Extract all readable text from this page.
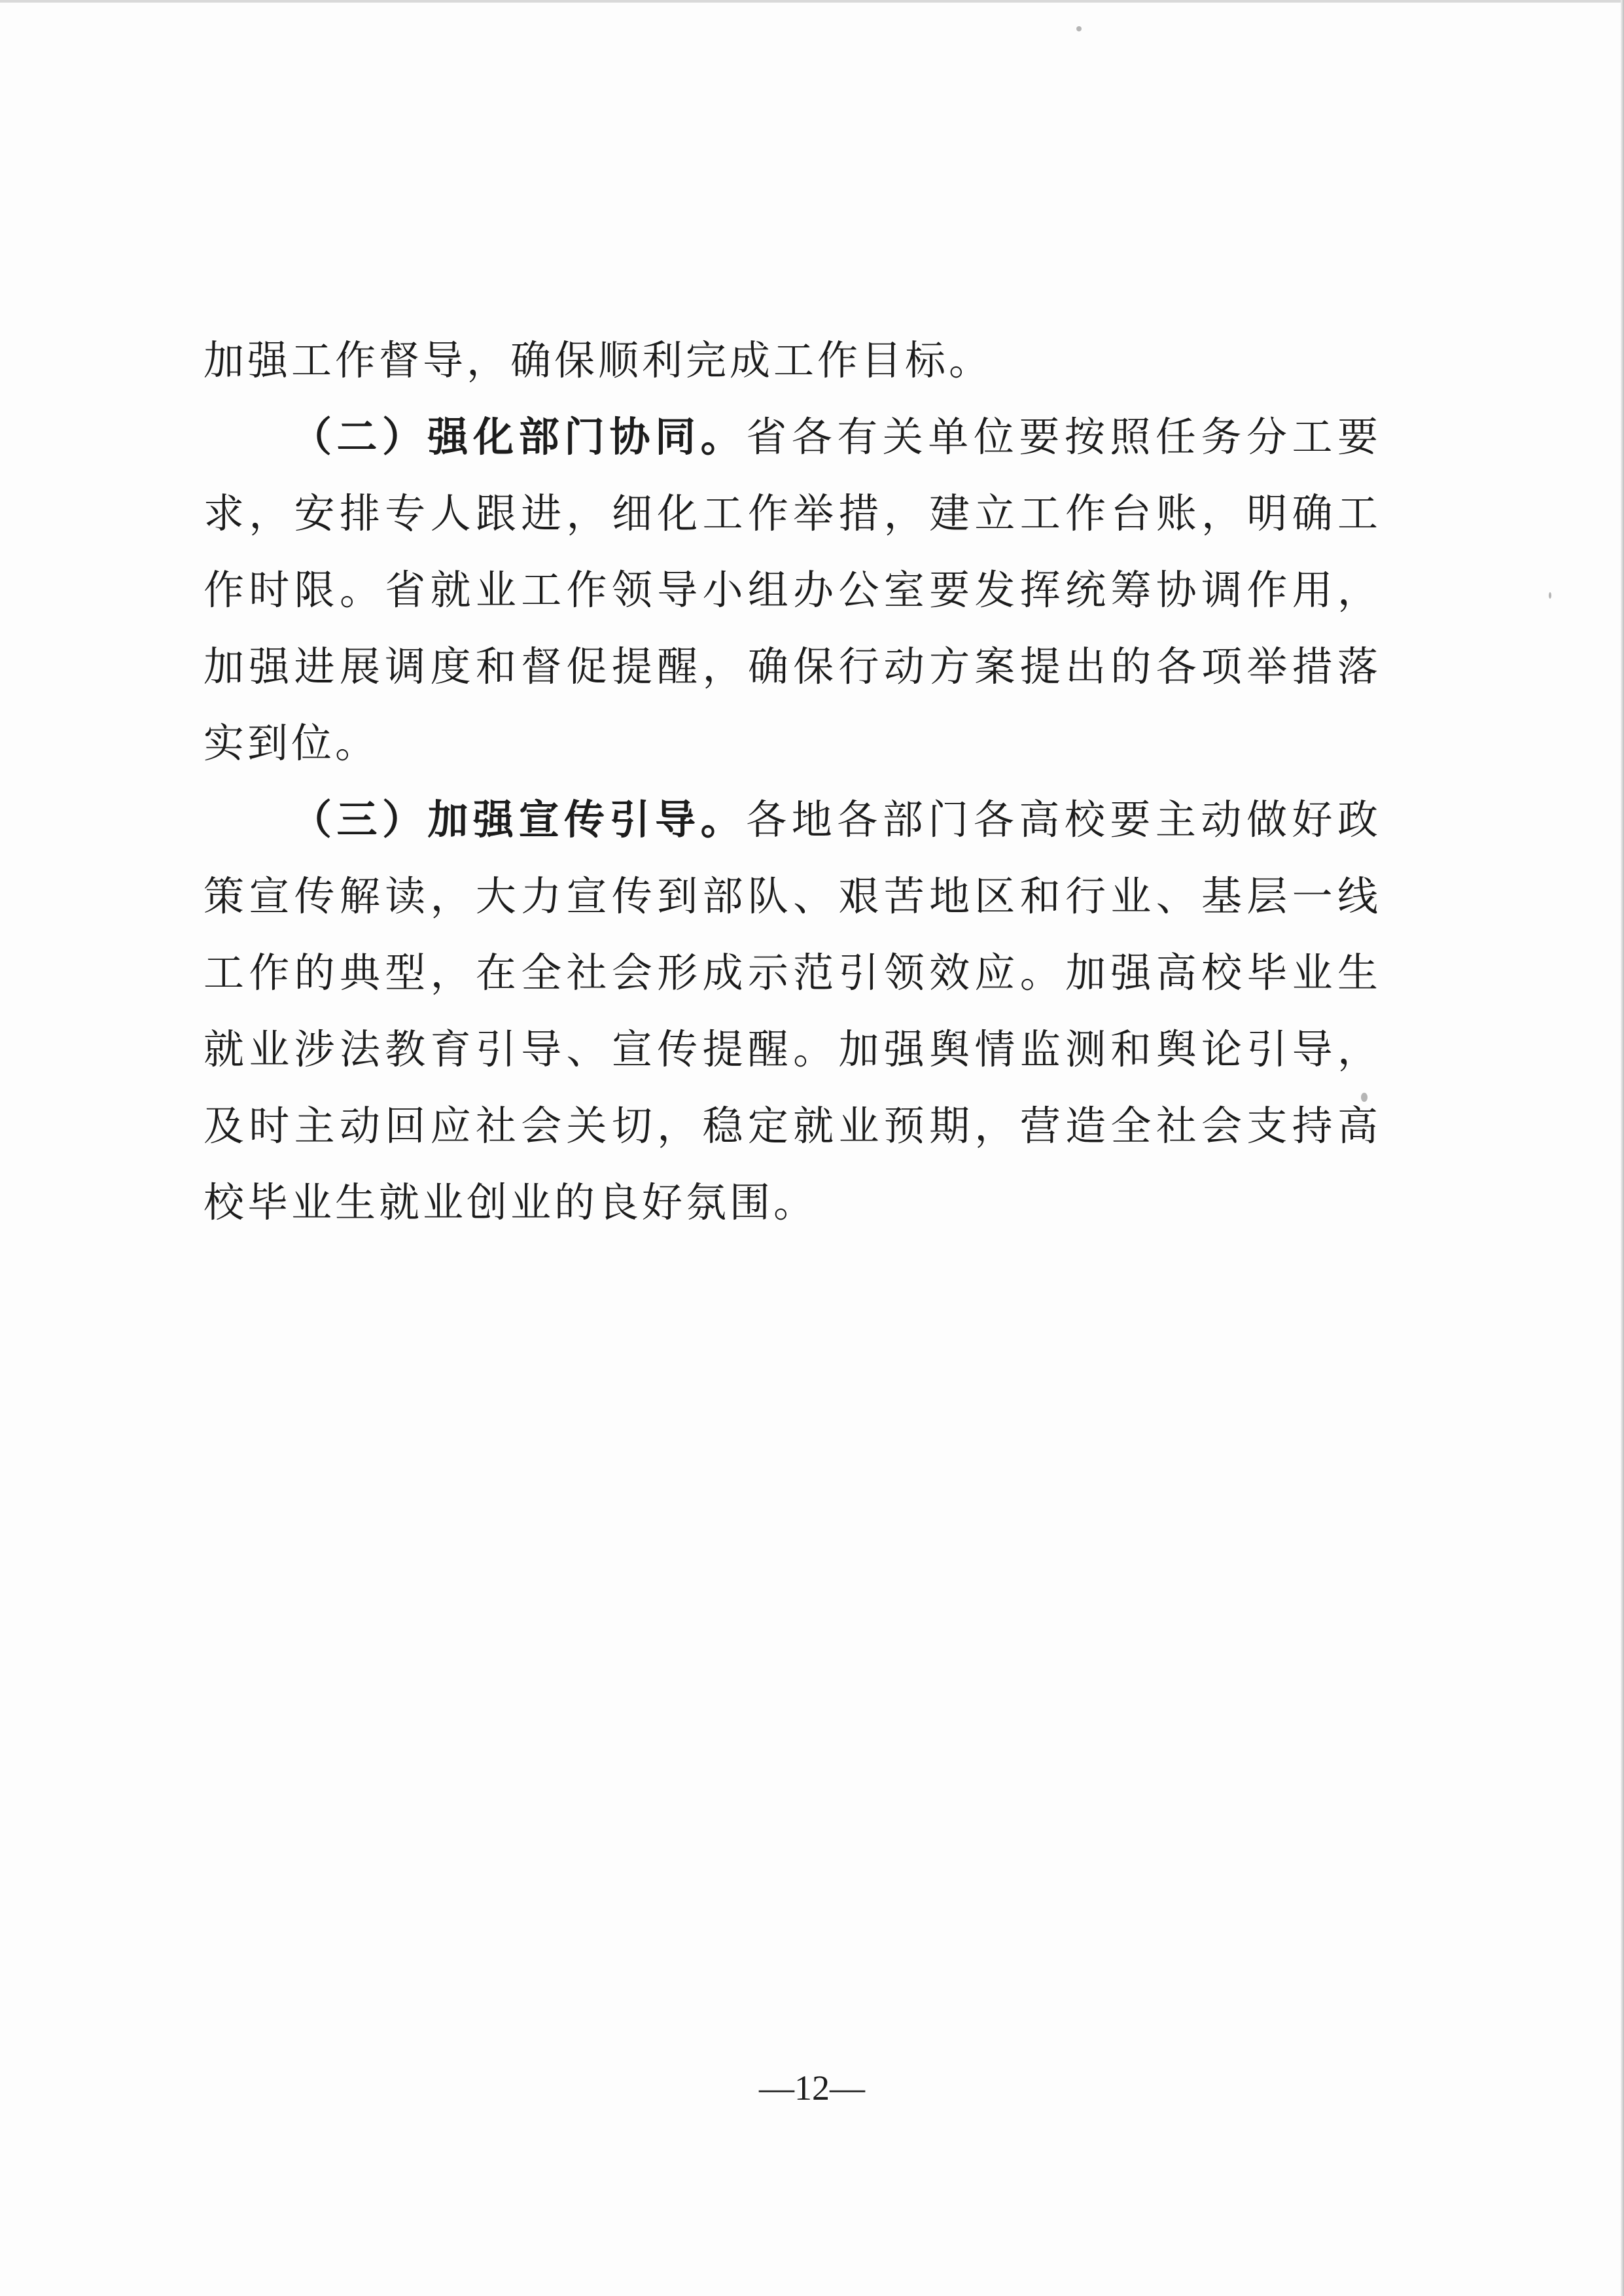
加强工作督导，确保顺利完成工作目标。

（二）强化部门协同。省各有关单位要按照任务分工要求，安排专人跟进，细化工作举措，建立工作台账，明确工作时限。省就业工作领导小组办公室要发挥统筹协调作用，加强进展调度和督促提醒，确保行动方案提出的各项举措落实到位。

（三）加强宣传引导。各地各部门各高校要主动做好政策宣传解读，大力宣传到部队、艰苦地区和行业、基层一线工作的典型，在全社会形成示范引领效应。加强高校毕业生就业涉法教育引导、宣传提醒。加强舆情监测和舆论引导，及时主动回应社会关切，稳定就业预期，营造全社会支持高校毕业生就业创业的良好氛围。

—12—
